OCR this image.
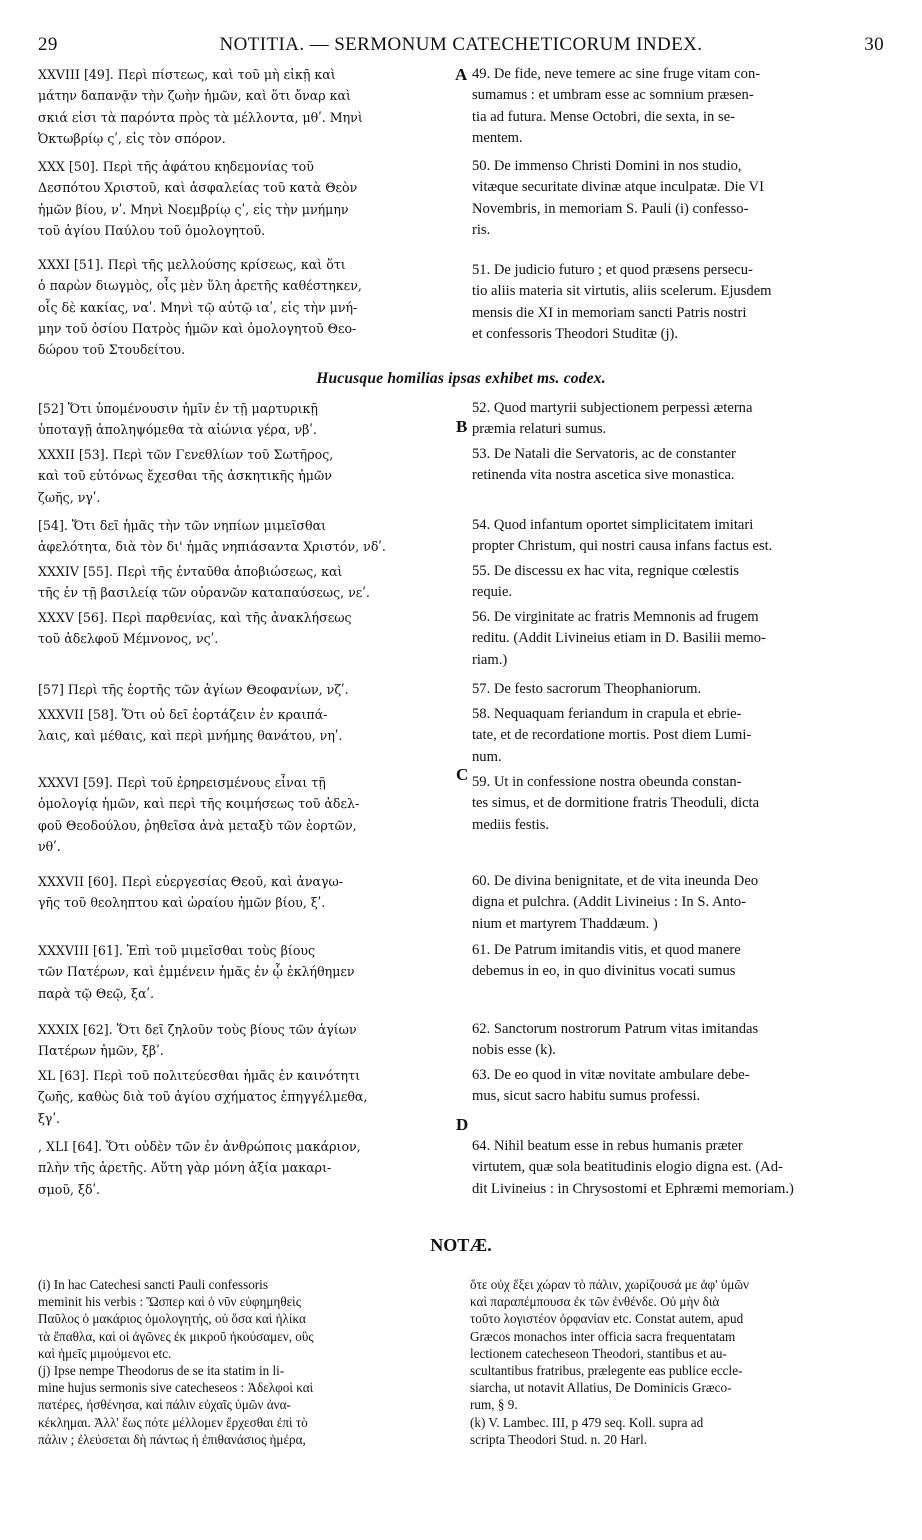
29	NOTITIA. — SERMONUM CATECHETICORUM INDEX.	30
A
B
C
D
XXVIII [49]. Περὶ πίστεως, καὶ τοῦ μὴ εἰκῇ καὶ
μάτην δαπανᾷν τὴν ζωὴν ἡμῶν, καὶ ὅτι ὄναρ καὶ
σκιά εἰσι τὰ παρόντα πρὸς τὰ μέλλοντα, μθʹ. Μηνὶ
Ὀκτωβρίῳ ςʹ, εἰς τὸν σπόρον.
XXX [50]. Περὶ τῆς ἀφάτου κηδεμονίας τοῦ
Δεσπότου Χριστοῦ, καὶ ἀσφαλείας τοῦ κατὰ Θεὸν
ἡμῶν βίου, νʹ. Μηνὶ Νοεμβρίῳ ςʹ, εἰς τὴν μνήμην
τοῦ ἁγίου Παύλου τοῦ ὁμολογητοῦ.
XXXI [51]. Περὶ τῆς μελλούσης κρίσεως, καὶ ὅτι
ὁ παρὼν διωγμὸς, οἷς μὲν ὕλη ἀρετῆς καθέστηκεν,
οἷς δὲ κακίας, ναʹ. Μηνὶ τῷ αὐτῷ ιαʹ, εἰς τὴν μνή-
μην τοῦ ὁσίου Πατρὸς ἡμῶν καὶ ὁμολογητοῦ Θεο-
δώρου τοῦ Στουδείτου.
[52] Ὅτι ὑπομένουσιν ἡμῖν ἐν τῇ μαρτυρικῇ
ὑποταγῇ ἀποληψόμεθα τὰ αἰώνια γέρα, νβʹ.
XXXII [53]. Περὶ τῶν Γενεθλίων τοῦ Σωτῆρος,
καὶ τοῦ εὐτόνως ἔχεσθαι τῆς ἀσκητικῆς ἡμῶν
ζωῆς, νγʹ.
[54]. Ὅτι δεῖ ἡμᾶς τὴν τῶν νηπίων μιμεῖσθαι
ἀφελότητα, διὰ τὸν δι' ἡμᾶς νηπιάσαντα Χριστόν, νδʹ.
XXXIV [55]. Περὶ τῆς ἐνταῦθα ἀποβιώσεως, καὶ
τῆς ἐν τῇ βασιλείᾳ τῶν οὐρανῶν καταπαύσεως, νεʹ.
XXXV [56]. Περὶ παρθενίας, καὶ τῆς ἀνακλήσεως
τοῦ ἀδελφοῦ Μέμνονος, νςʹ.
[57] Περὶ τῆς ἑορτῆς τῶν ἁγίων Θεοφανίων, νζʹ.
XXXVII [58]. Ὅτι οὐ δεῖ ἑορτάζειν ἐν κραιπά-
λαις, καὶ μέθαις, καὶ περὶ μνήμης θανάτου, νηʹ.
XXXVI [59]. Περὶ τοῦ ἐρηρεισμένους εἶναι τῇ
ὁμολογίᾳ ἡμῶν, καὶ περὶ τῆς κοιμήσεως τοῦ ἀδελ-
φοῦ Θεοδούλου, ῥηθεῖσα ἀνὰ μεταξὺ τῶν ἑορτῶν,
νθʹ.
XXXVII [60]. Περὶ εὐεργεσίας Θεοῦ, καὶ ἀναγω-
γῆς τοῦ θεοληπτου καὶ ὡραίου ἡμῶν βίου, ξʹ.
XXXVIII [61]. Ἐπὶ τοῦ μιμεῖσθαι τοὺς βίους
τῶν Πατέρων, καὶ ἐμμένειν ἡμᾶς ἐν ᾧ ἐκλήθημεν
παρὰ τῷ Θεῷ, ξαʹ.
XXXIX [62]. Ὅτι δεῖ ζηλοῦν τοὺς βίους τῶν ἁγίων
Πατέρων ἡμῶν, ξβʹ.
XL [63]. Περὶ τοῦ πολιτεύεσθαι ἡμᾶς ἐν καινότητι
ζωῆς, καθὼς διὰ τοῦ ἁγίου σχήματος ἐπηγγέλμεθα,
ξγʹ.
, XLI [64]. Ὅτι οὐδὲν τῶν ἐν ἀνθρώποις μακάριον,
πλὴν τῆς ἀρετῆς. Αὕτη γὰρ μόνη ἀξία μακαρι-
σμοῦ, ξδʹ.
49. De fide, neve temere ac sine fruge vitam con-
sumamus : et umbram esse ac somnium præsen-
tia ad futura. Mense Octobri, die sexta, in se-
mentem.
50. De immenso Christi Domini in nos studio,
vitæque securitate divinæ atque inculpatæ. Die VI
Novembris, in memoriam S. Pauli (i) confesso-
ris.
51. De judicio futuro ; et quod præsens persecu-
tio aliis materia sit virtutis, aliis scelerum. Ejusdem
mensis die XI in memoriam sancti Patris nostri
et confessoris Theodori Studitæ (j).
52. Quod martyrii subjectionem perpessi æterna
præmia relaturi sumus.
53. De Natali die Servatoris, ac de constanter
retinenda vita nostra ascetica sive monastica.
54. Quod infantum oportet simplicitatem imitari
propter Christum, qui nostri causa infans factus est.
55. De discessu ex hac vita, regnique cœlestis
requie.
56. De virginitate ac fratris Memnonis ad frugem
reditu. (Addit Livineius etiam in D. Basilii memo-
riam.)
57. De festo sacrorum Theophaniorum.
58. Nequaquam feriandum in crapula et ebrie-
tate, et de recordatione mortis. Post diem Lumi-
num.
59. Ut in confessione nostra obeunda constan-
tes simus, et de dormitione fratris Theoduli, dicta
mediis festis.
60. De divina benignitate, et de vita ineunda Deo
digna et pulchra. (Addit Livineius : In S. Anto-
nium et martyrem Thaddæum. )
61. De Patrum imitandis vitis, et quod manere
debemus in eo, in quo divinitus vocati sumus
62. Sanctorum nostrorum Patrum vitas imitandas
nobis esse (k).
63. De eo quod in vitæ novitate ambulare debe-
mus, sicut sacro habitu sumus professi.
64. Nihil beatum esse in rebus humanis præter
virtutem, quæ sola beatitudinis elogio digna est. (Ad-
dit Livineius : in Chrysostomi et Ephræmi memoriam.)
Hucusque homilias ipsas exhibet ms. codex.
NOTÆ.
(i) In hac Catechesi sancti Pauli confessoris
meminit his verbis : Ὥσπερ καὶ ὁ νῦν εὐφημηθεὶς
Παῦλος ὁ μακάριος ὁμολογητής, οὐ ὅσα καὶ ἡλίκα
τὰ ἔπαθλα, καὶ οἱ ἀγῶνες ἐκ μικροῦ ἠκούσαμεν, οὓς
καὶ ἡμεῖς μιμούμενοι etc.
(j) Ipse nempe Theodorus de se ita statim in li-
mine hujus sermonis sive catecheseos : Ἀδελφοὶ καὶ
πατέρες, ἠσθένησα, καὶ πάλιν εὐχαῖς ὑμῶν ἀνα-
κέκλημαι. Ἀλλ' ἕως πότε μέλλομεν ἔρχεσθαι ἐπὶ τὸ
πάλιν ; ἐλεύσεται δὴ πάντως ἡ ἐπιθανάσιος ἡμέρα,
ὅτε οὐχ ἕξει χώραν τὸ πάλιν, χωρίζουσά με ἀφ' ὑμῶν
καὶ παραπέμπουσα ἐκ τῶν ἐνθένδε. Οὐ μὴν διὰ
τοῦτο λογιστέον ὀρφανίαν etc. Constat autem, apud
Græcos monachos inter officia sacra frequentatam
lectionem catecheseon Theodori, stantibus et au-
scultantibus fratribus, prælegente eas publice eccle-
siarcha, ut notavit Allatius, De Dominicis Græco-
rum, § 9.
(k) V. Lambec. III, p 479 seq. Koll. supra ad
scripta Theodori Stud. n. 20 Harl.
